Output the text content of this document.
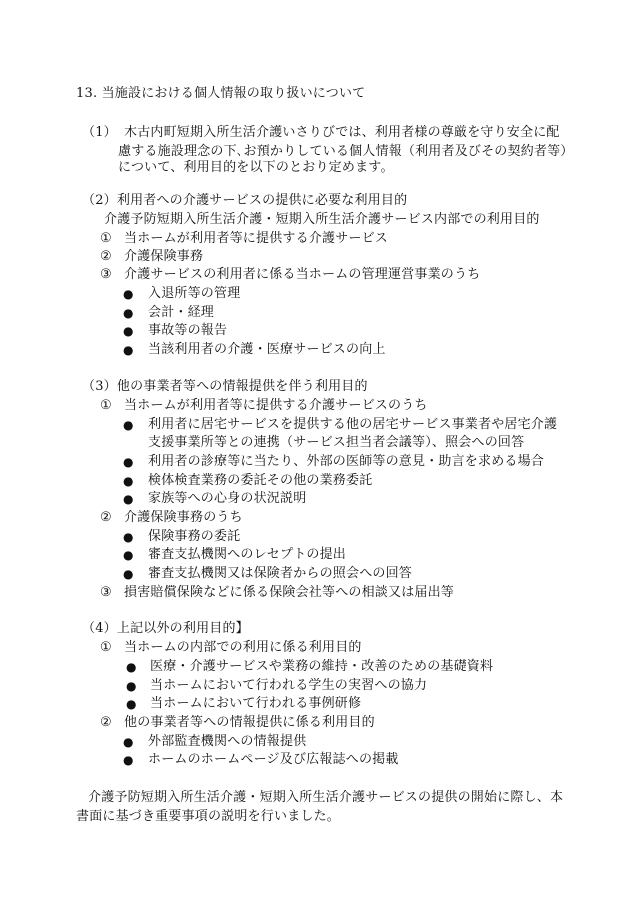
13. 当施設における個人情報の取り扱いについて
（1） 木古内町短期入所生活介護いさりびでは、利用者様の尊厳を守り安全に配
慮する施設理念の下､お預かりしている個人情報（利用者及びその契約者等）
について、利用目的を以下のとおり定めます。
（2）利用者への介護サービスの提供に必要な利用目的
介護予防短期入所生活介護・短期入所生活介護サービス内部での利用目的
① 当ホームが利用者等に提供する介護サービス
② 介護保険事務
③ 介護サービスの利用者に係る当ホームの管理運営事業のうち
● 入退所等の管理
● 会計・経理
● 事故等の報告
● 当該利用者の介護・医療サービスの向上
（3）他の事業者等への情報提供を伴う利用目的
① 当ホームが利用者等に提供する介護サービスのうち
● 利用者に居宅サービスを提供する他の居宅サービス事業者や居宅介護
支援事業所等との連携（サービス担当者会議等）、照会への回答
● 利用者の診療等に当たり、外部の医師等の意見・助言を求める場合
● 検体検査業務の委託その他の業務委託
● 家族等への心身の状況説明
② 介護保険事務のうち
● 保険事務の委託
● 審査支払機関へのレセプトの提出
● 審査支払機関又は保険者からの照会への回答
③ 損害賠償保険などに係る保険会社等への相談又は届出等
（4）上記以外の利用目的】
① 当ホームの内部での利用に係る利用目的
● 医療・介護サービスや業務の維持・改善のための基礎資料
● 当ホームにおいて行われる学生の実習への協力
● 当ホームにおいて行われる事例研修
② 他の事業者等への情報提供に係る利用目的
● 外部監査機関への情報提供
● ホームのホームページ及び広報誌への掲載
介護予防短期入所生活介護・短期入所生活介護サービスの提供の開始に際し、本
書面に基づき重要事項の説明を行いました。
